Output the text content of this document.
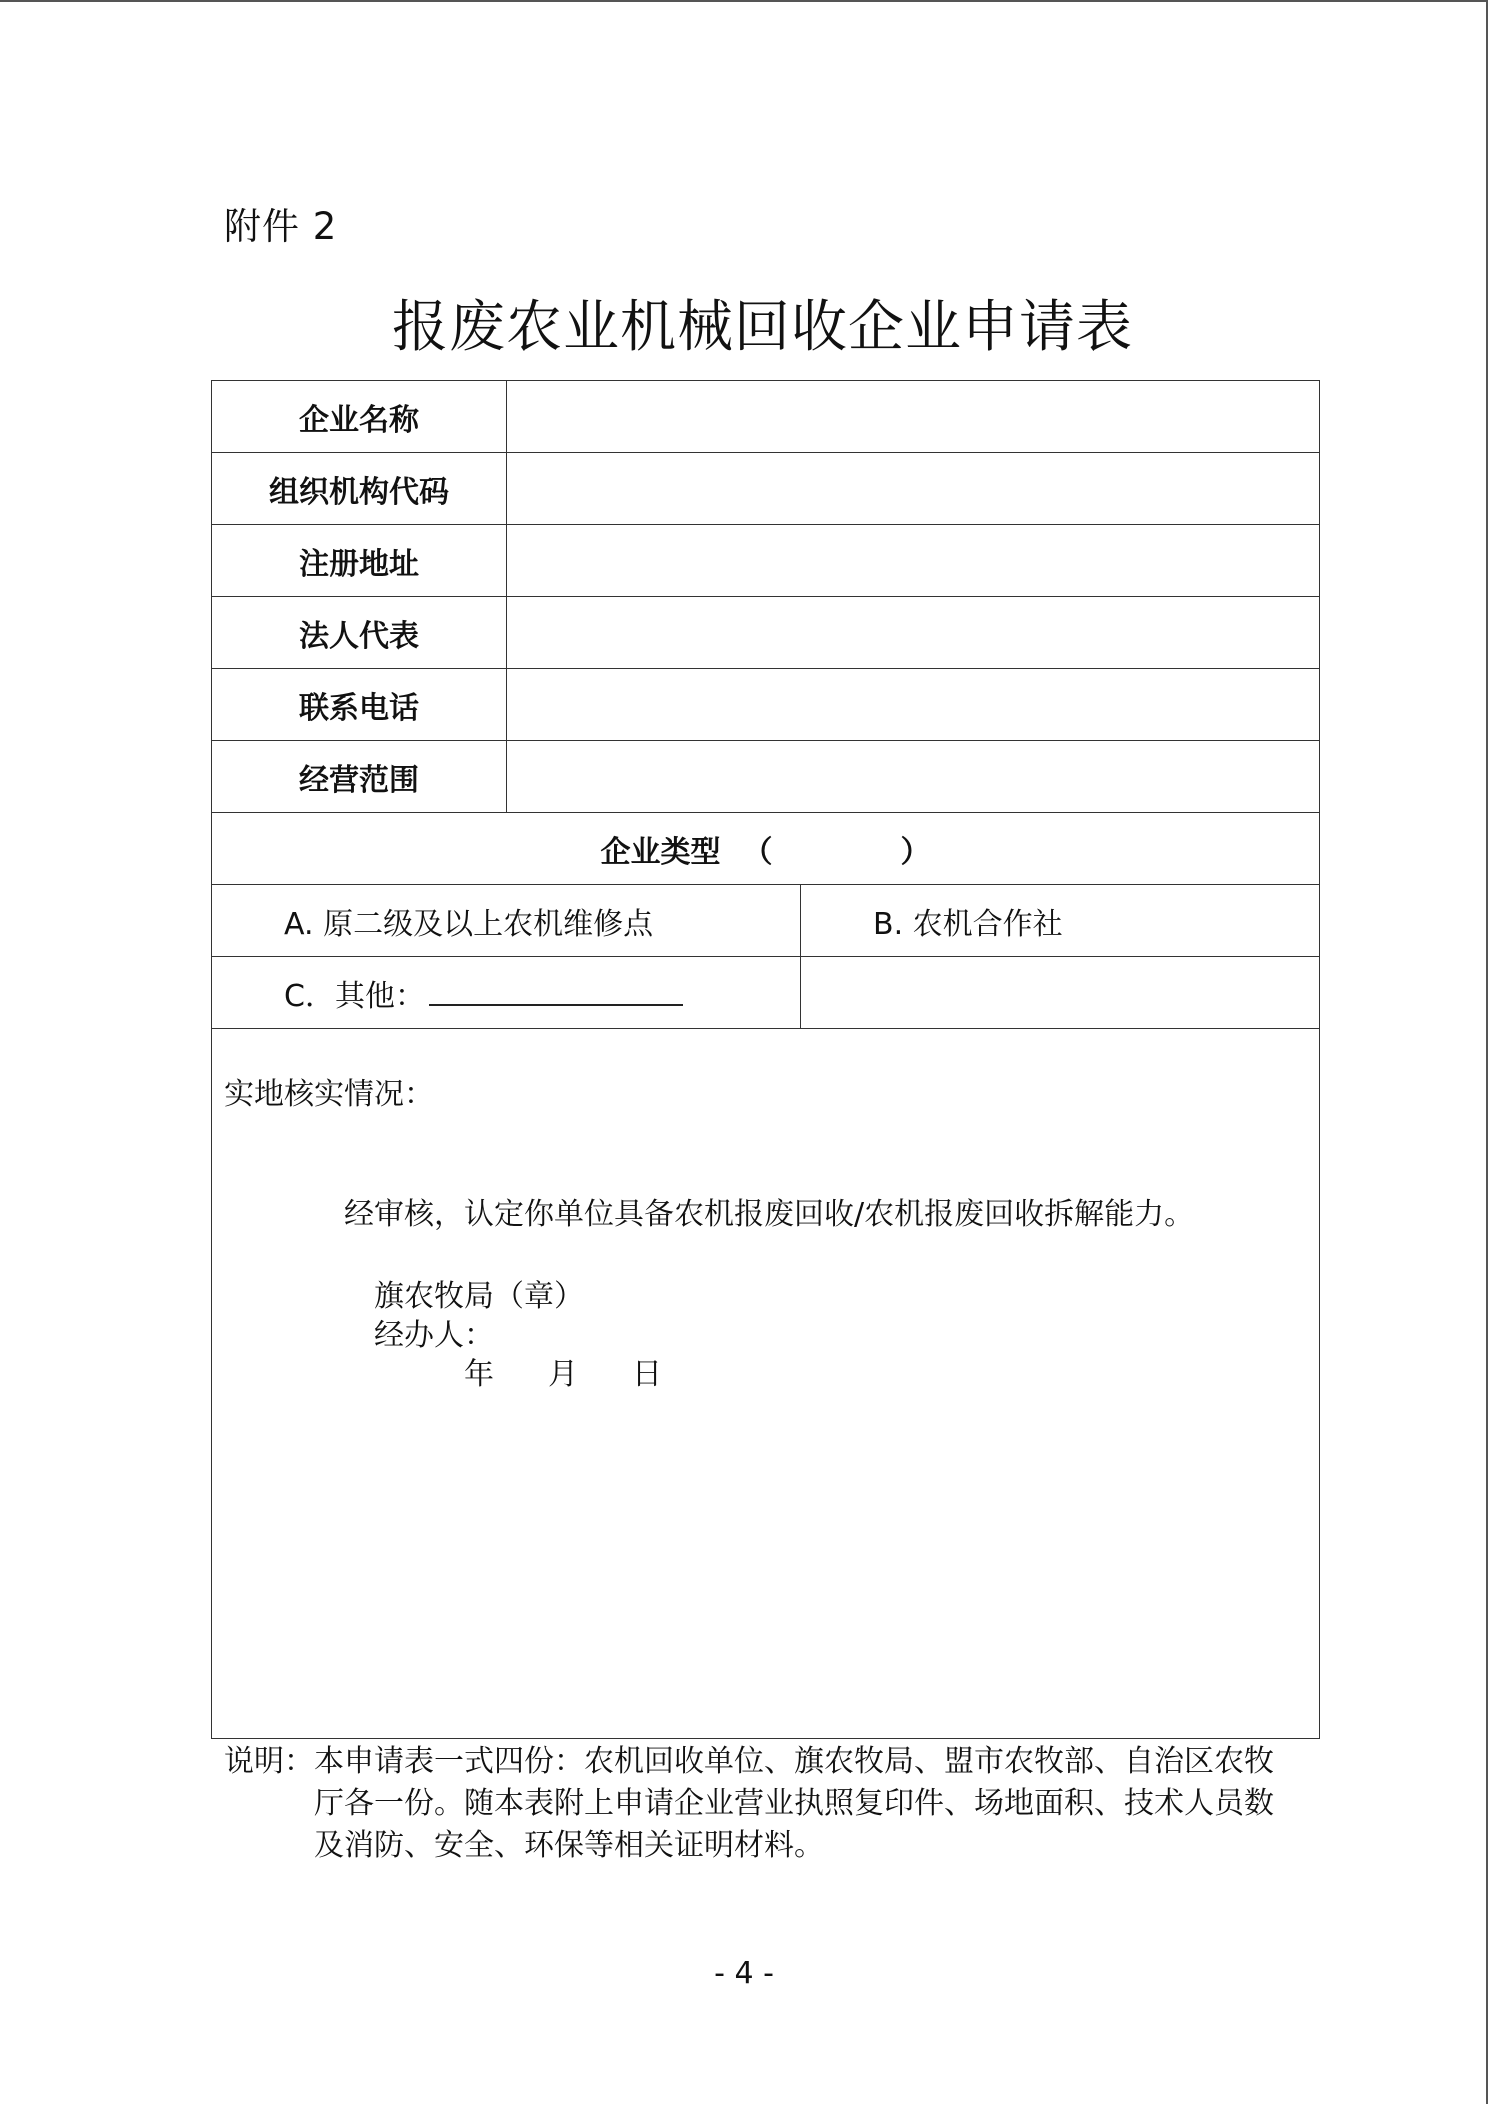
附件 2
报废农业机械回收企业申请表
企业名称		
组织机构代码		
注册地址		
法人代表		
联系电话		
经营范围		
企业类型 （ ）		
A. 原二级及以上农机维修点		B. 农机合作社
C．其他：		

实地核实情况：
经审核，认定你单位具备农机报废回收/农机报废回收拆解能力。
旗农牧局（章）
经办人：
年 月 日		
说明：本申请表一式四份：农机回收单位、旗农牧局、盟市农牧部、自治区农牧
厅各一份。随本表附上申请企业营业执照复印件、场地面积、技术人员数
及消防、安全、环保等相关证明材料。
- 4 -
